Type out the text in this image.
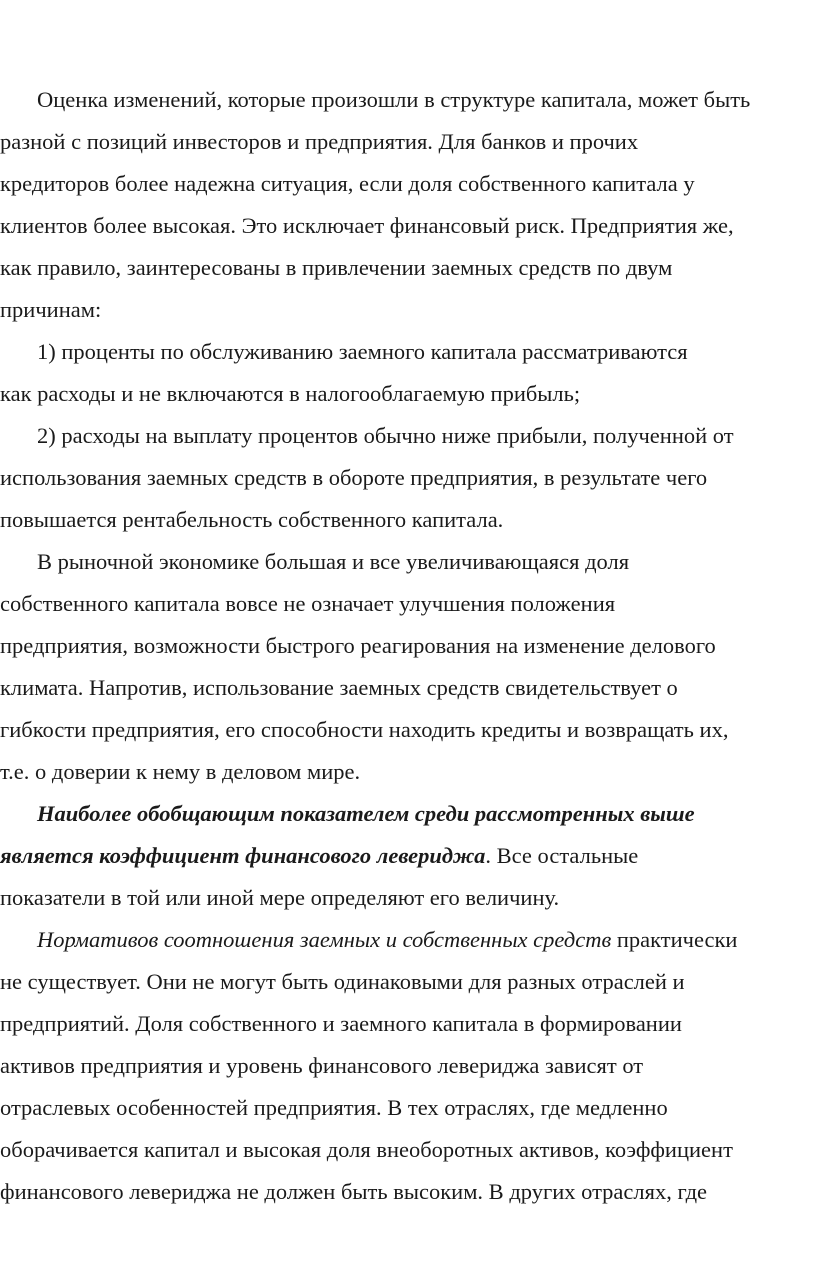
Оценка изменений, которые произошли в структуре капитала, может быть
разной с позиций инвесторов и предприятия. Для банков и прочих
кредиторов более надежна ситуация, если доля собственного капитала у
клиентов более высокая. Это исключает финансовый риск. Предприятия же,
как правило, заинтересованы в привлечении заемных средств по двум
причинам:
1) проценты по обслуживанию заемного капитала рассматриваются
как расходы и не включаются в налогооблагаемую прибыль;
2) расходы на выплату процентов обычно ниже прибыли, полученной от
использования заемных средств в обороте предприятия, в результате чего
повышается рентабельность собственного капитала.
В рыночной экономике большая и все увеличивающаяся доля
собственного капитала вовсе не означает улучшения положения
предприятия, возможности быстрого реагирования на изменение делового
климата. Напротив, использование заемных средств свидетельствует о
гибкости предприятия, его способности находить кредиты и возвращать их,
т.е. о доверии к нему в деловом мире.
Наиболее обобщающим показателем среди рассмотренных выше
является коэффициент финансового левериджа. Все остальные
показатели в той или иной мере определяют его величину.
Нормативов соотношения заемных и собственных средств практически
не существует. Они не могут быть одинаковыми для разных отраслей и
предприятий. Доля собственного и заемного капитала в формировании
активов предприятия и уровень финансового левериджа зависят от
отраслевых особенностей предприятия. В тех отраслях, где медленно
оборачивается капитал и высокая доля внеоборотных активов, коэффициент
финансового левериджа не должен быть высоким. В других отраслях, где
